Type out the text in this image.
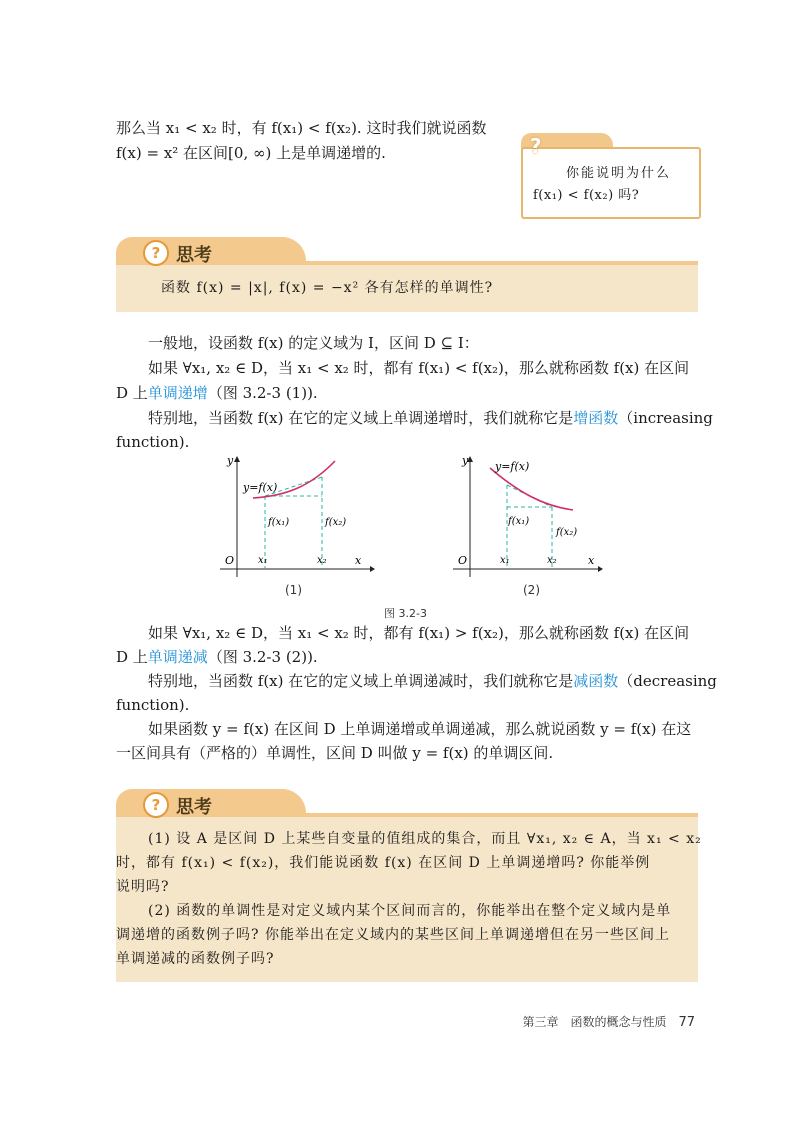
那么当 x₁ < x₂ 时，有 f(x₁) < f(x₂). 这时我们就说函数
f(x) = x² 在区间[0, ∞) 上是单调递增的.	?
你能说明为什么
f(x₁) < f(x₂) 吗?
? 思考
函数 f(x) = |x|, f(x) = −x² 各有怎样的单调性?
一般地，设函数 f(x) 的定义域为 I，区间 D ⊆ I：
如果 ∀x₁, x₂ ∈ D，当 x₁ < x₂ 时，都有 f(x₁) < f(x₂)，那么就称函数 f(x) 在区间
D 上单调递增（图 3.2-3 (1)).
特别地，当函数 f(x) 在它的定义域上单调递增时，我们就称它是增函数（increasing
function).
y=f(x)
y
x
O x₁	x₂
f(x₁)	f(x₂)
(1)
y=f(x)
y
x
O	x₁	x₂
f(x₁)
f(x₂)
(2)
图 3.2-3
如果 ∀x₁, x₂ ∈ D，当 x₁ < x₂ 时，都有 f(x₁) > f(x₂)，那么就称函数 f(x) 在区间
D 上单调递减（图 3.2-3 (2)).
特别地，当函数 f(x) 在它的定义域上单调递减时，我们就称它是减函数（decreasing
function).
如果函数 y = f(x) 在区间 D 上单调递增或单调递减，那么就说函数 y = f(x) 在这
一区间具有（严格的）单调性，区间 D 叫做 y = f(x) 的单调区间.
? 思考
(1) 设 A 是区间 D 上某些自变量的值组成的集合，而且 ∀x₁, x₂ ∈ A，当 x₁ < x₂
时，都有 f(x₁) < f(x₂)，我们能说函数 f(x) 在区间 D 上单调递增吗? 你能举例
说明吗?
(2) 函数的单调性是对定义域内某个区间而言的，你能举出在整个定义域内是单
调递增的函数例子吗? 你能举出在定义域内的某些区间上单调递增但在另一些区间上
单调递减的函数例子吗?
第三章　函数的概念与性质 77
